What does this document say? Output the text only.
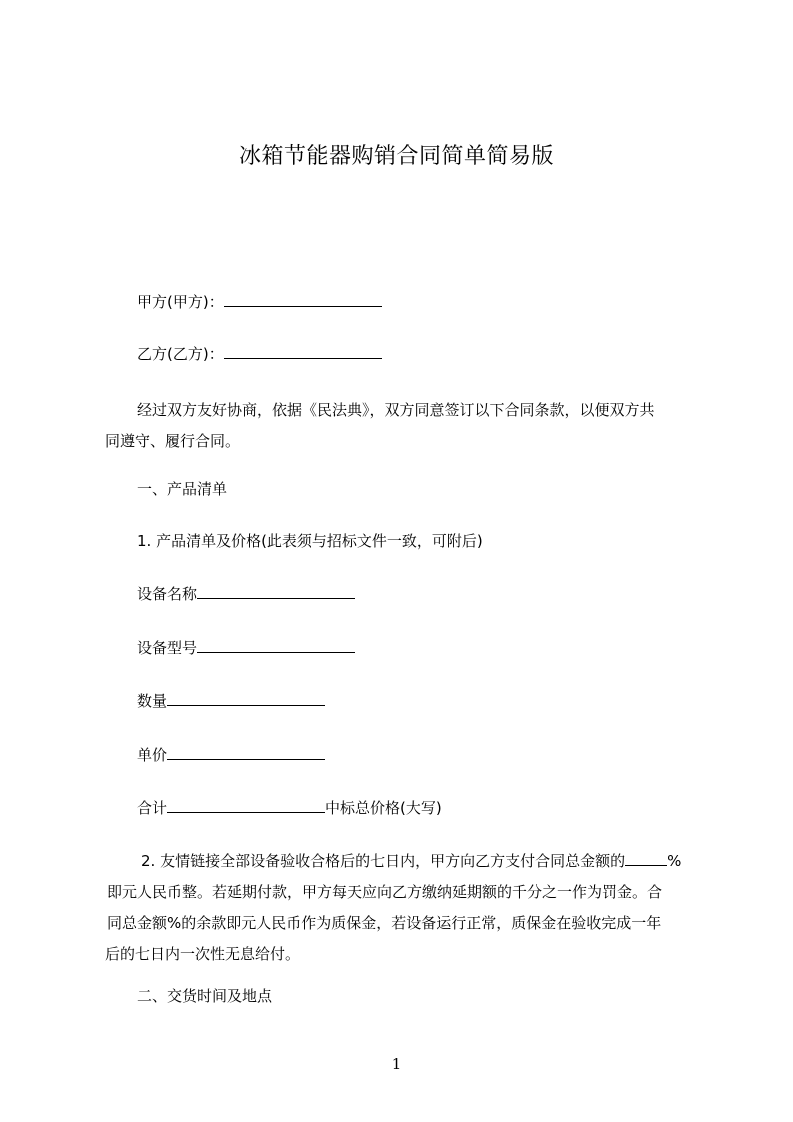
冰箱节能器购销合同简单简易版
甲方(甲方)：
乙方(乙方)：
经过双方友好协商，依据《民法典》，双方同意签订以下合同条款，以便双方共
同遵守、履行合同。
一、产品清单
1. 产品清单及价格(此表须与招标文件一致，可附后)
设备名称
设备型号
数量
单价
合计	中标总价格(大写)
2. 友情链接全部设备验收合格后的七日内，甲方向乙方支付合同总金额的	%
即元人民币整。若延期付款，甲方每天应向乙方缴纳延期额的千分之一作为罚金。合
同总金额%的余款即元人民币作为质保金，若设备运行正常，质保金在验收完成一年
后的七日内一次性无息给付。
二、交货时间及地点
1
